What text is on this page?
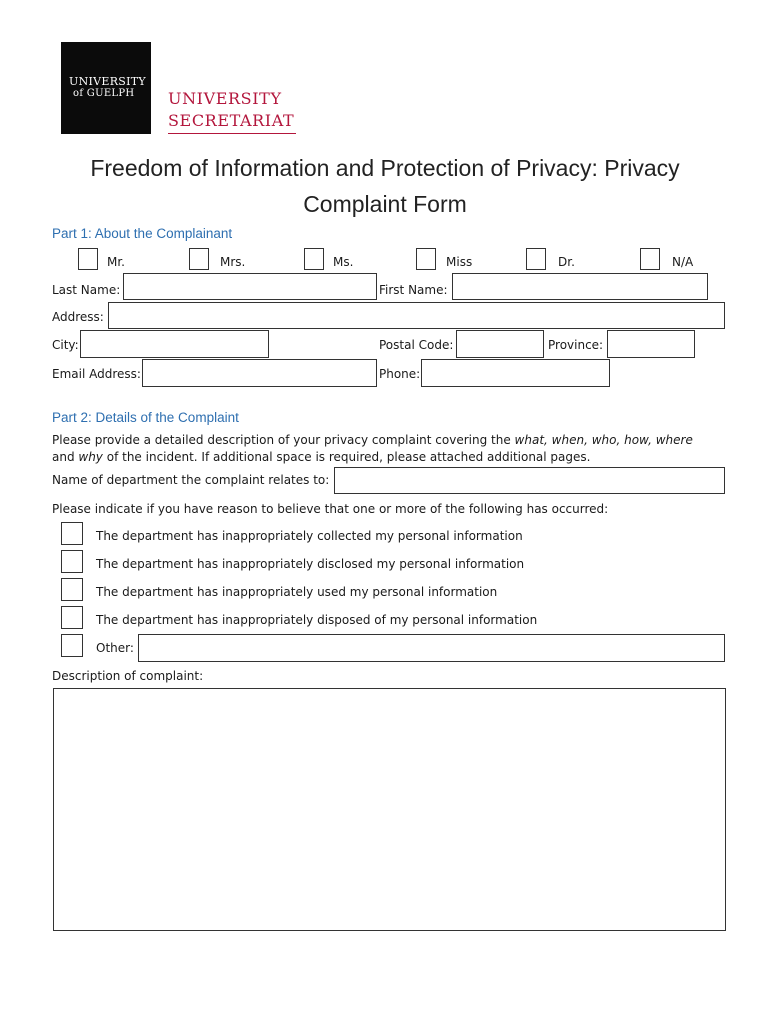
UNIVERSITY
of GUELPH UNIVERSITY
SECRETARIAT
Freedom of Information and Protection of Privacy: Privacy
Complaint Form
Part 1: About the Complainant
Mr.	Mrs.	Ms.	Miss	Dr.	N/A
Last Name:	First Name:
Address:
City:	Postal Code:	Province:
Email Address:	Phone:
Part 2: Details of the Complaint
Please provide a detailed description of your privacy complaint covering the what, when, who, how, where
and why of the incident. If additional space is required, please attached additional pages.
Name of department the complaint relates to:
Please indicate if you have reason to believe that one or more of the following has occurred:
The department has inappropriately collected my personal information
The department has inappropriately disclosed my personal information
The department has inappropriately used my personal information
The department has inappropriately disposed of my personal information
Other:
Description of complaint:
